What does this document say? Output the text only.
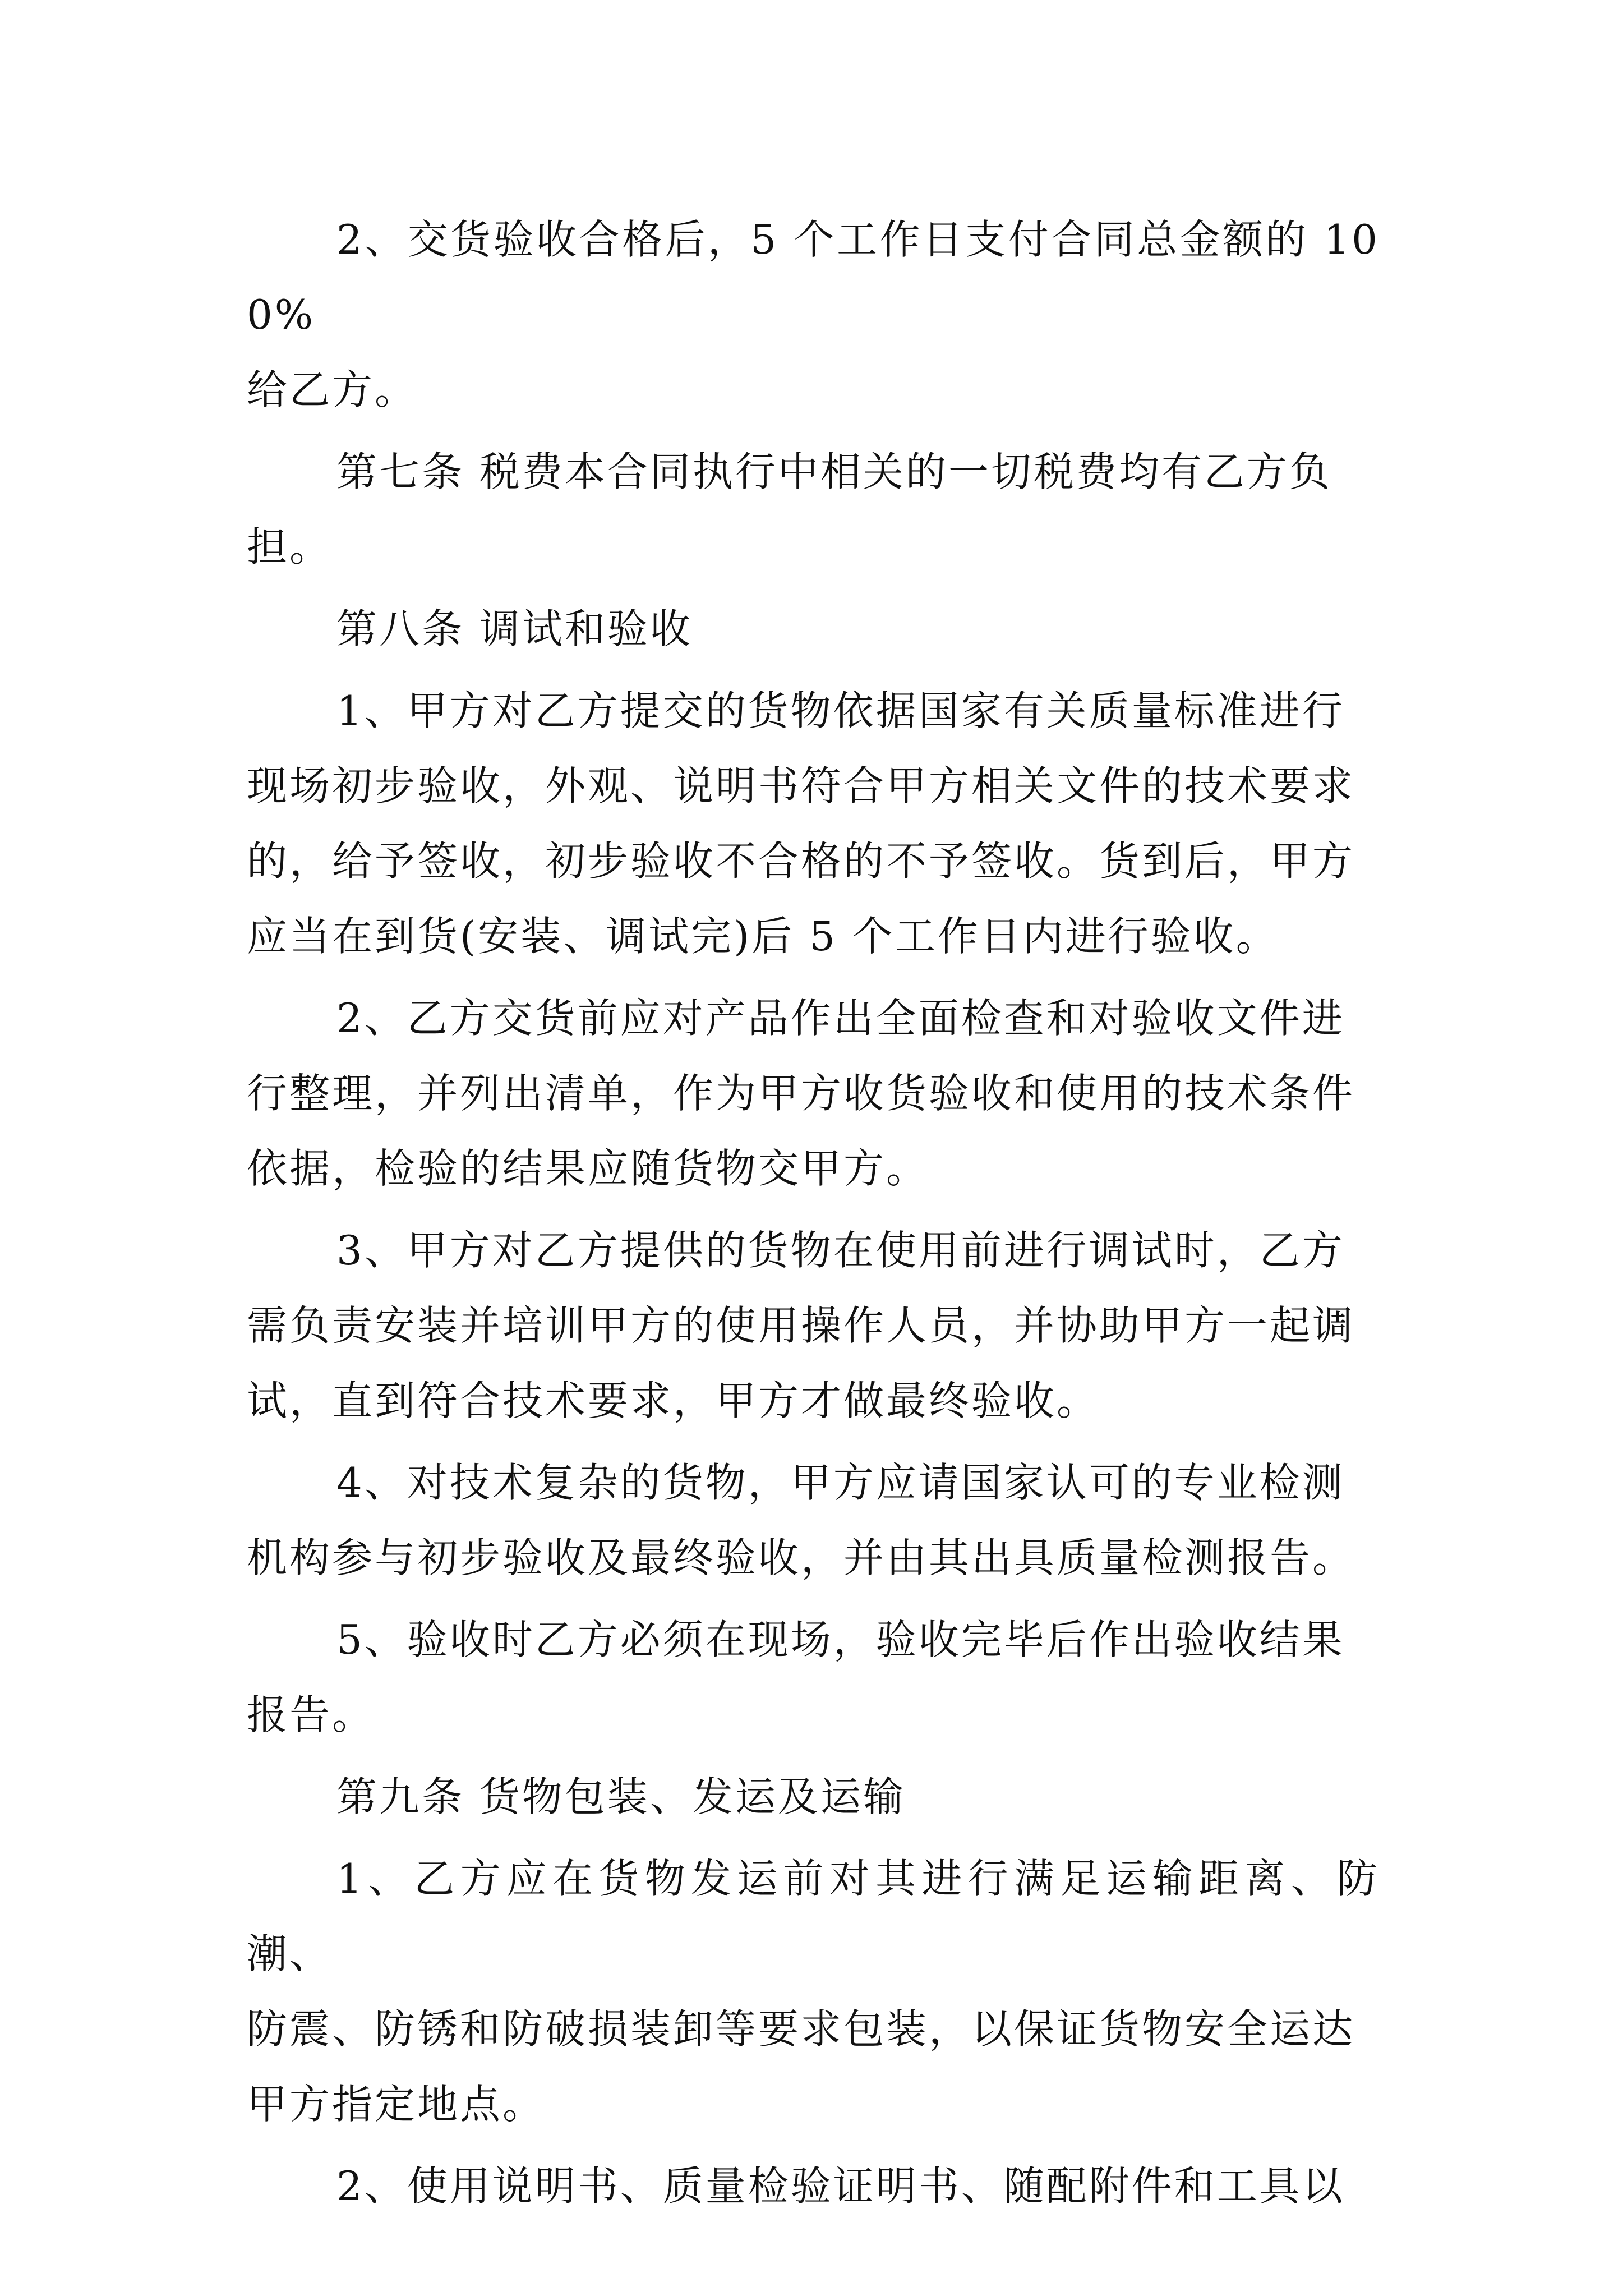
2、交货验收合格后，5 个工作日支付合同总金额的 100%
给乙方。

第七条 税费本合同执行中相关的一切税费均有乙方负
担。

第八条 调试和验收

1、甲方对乙方提交的货物依据国家有关质量标准进行
现场初步验收，外观、说明书符合甲方相关文件的技术要求
的，给予签收，初步验收不合格的不予签收。货到后，甲方
应当在到货(安装、调试完)后 5 个工作日内进行验收。

2、乙方交货前应对产品作出全面检查和对验收文件进
行整理，并列出清单，作为甲方收货验收和使用的技术条件
依据，检验的结果应随货物交甲方。

3、甲方对乙方提供的货物在使用前进行调试时，乙方
需负责安装并培训甲方的使用操作人员，并协助甲方一起调
试，直到符合技术要求，甲方才做最终验收。

4、对技术复杂的货物，甲方应请国家认可的专业检测
机构参与初步验收及最终验收，并由其出具质量检测报告。

5、验收时乙方必须在现场，验收完毕后作出验收结果
报告。

第九条 货物包装、发运及运输

1、乙方应在货物发运前对其进行满足运输距离、防潮、
防震、防锈和防破损装卸等要求包装，以保证货物安全运达
甲方指定地点。

2、使用说明书、质量检验证明书、随配附件和工具以
